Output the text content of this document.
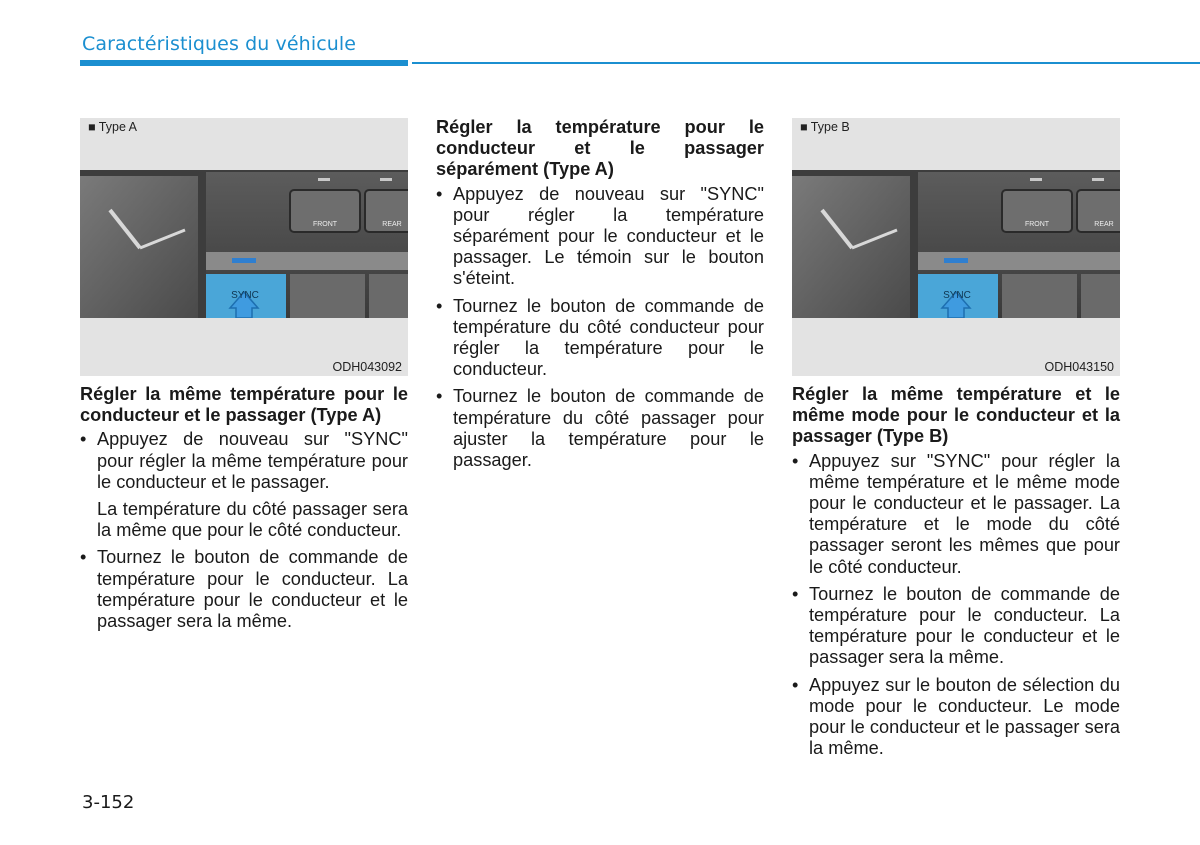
Caractéristiques du véhicule
■ Type A
FRONT	REAR
SYNC
ODH043092
■ Type B
FRONT	REAR
SYNC
ODH043150
Régler la même température pour le conducteur et le passager (Type A)

• Appuyez de nouveau sur "SYNC" pour régler la même température pour le conducteur et le passager.

La température du côté passager sera la même que pour le côté conducteur.

• Tournez le bouton de commande de température pour le conducteur. La température pour le conducteur et le passager sera la même.

Régler la température pour le conducteur et le passager séparément (Type A)

• Appuyez de nouveau sur "SYNC" pour régler la température séparément pour le conducteur et le passager. Le témoin sur le bouton s'éteint.

• Tournez le bouton de commande de température du côté conducteur pour régler la température pour le conducteur.

• Tournez le bouton de commande de température du côté passager pour ajuster la température pour le passager.

Régler la même température et le même mode pour le conducteur et la passager (Type B)

• Appuyez sur "SYNC" pour régler la même température et le même mode pour le conducteur et le passager. La température et le mode du côté passager seront les mêmes que pour le côté conducteur.

• Tournez le bouton de commande de température pour le conducteur. La température pour le conducteur et le passager sera la même.

• Appuyez sur le bouton de sélection du mode pour le conducteur. Le mode pour le conducteur et le passager sera la même.

3-152
